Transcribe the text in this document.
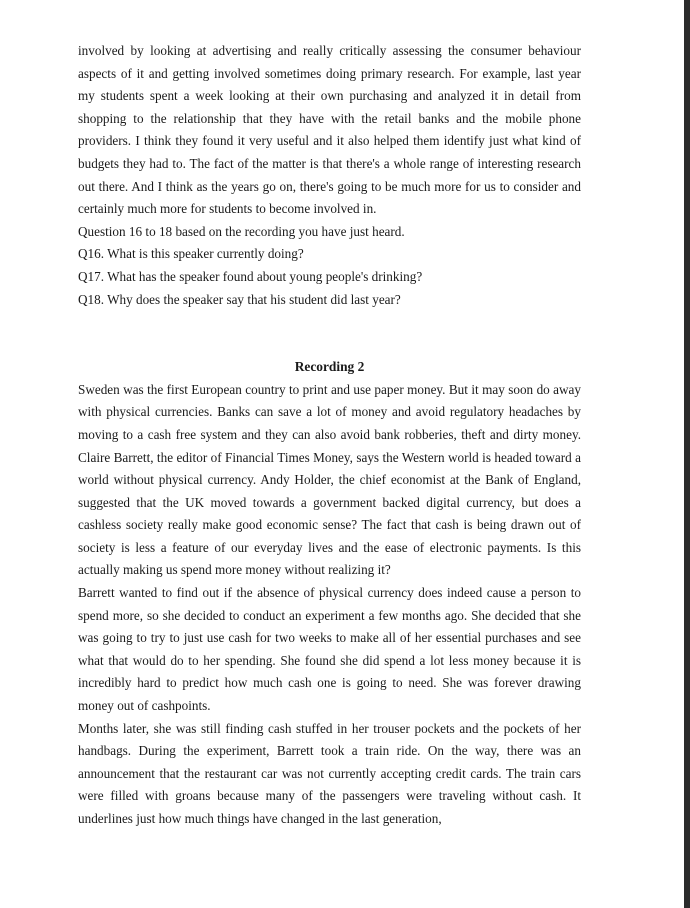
involved by looking at advertising and really critically assessing the consumer behaviour aspects of it and getting involved sometimes doing primary research. For example, last year my students spent a week looking at their own purchasing and analyzed it in detail from shopping to the relationship that they have with the retail banks and the mobile phone providers. I think they found it very useful and it also helped them identify just what kind of budgets they had to. The fact of the matter is that there's a whole range of interesting research out there. And I think as the years go on, there's going to be much more for us to consider and certainly much more for students to become involved in.

Question 16 to 18 based on the recording you have just heard.

Q16. What is this speaker currently doing?

Q17. What has the speaker found about young people's drinking?

Q18. Why does the speaker say that his student did last year?

Recording 2

Sweden was the first European country to print and use paper money. But it may soon do away with physical currencies. Banks can save a lot of money and avoid regulatory headaches by moving to a cash free system and they can also avoid bank robberies, theft and dirty money. Claire Barrett, the editor of Financial Times Money, says the Western world is headed toward a world without physical currency. Andy Holder, the chief economist at the Bank of England, suggested that the UK moved towards a government backed digital currency, but does a cashless society really make good economic sense? The fact that cash is being drawn out of society is less a feature of our everyday lives and the ease of electronic payments. Is this actually making us spend more money without realizing it?

Barrett wanted to find out if the absence of physical currency does indeed cause a person to spend more, so she decided to conduct an experiment a few months ago. She decided that she was going to try to just use cash for two weeks to make all of her essential purchases and see what that would do to her spending. She found she did spend a lot less money because it is incredibly hard to predict how much cash one is going to need. She was forever drawing money out of cashpoints.

Months later, she was still finding cash stuffed in her trouser pockets and the pockets of her handbags. During the experiment, Barrett took a train ride. On the way, there was an announcement that the restaurant car was not currently accepting credit cards. The train cars were filled with groans because many of the passengers were traveling without cash. It underlines just how much things have changed in the last generation,
